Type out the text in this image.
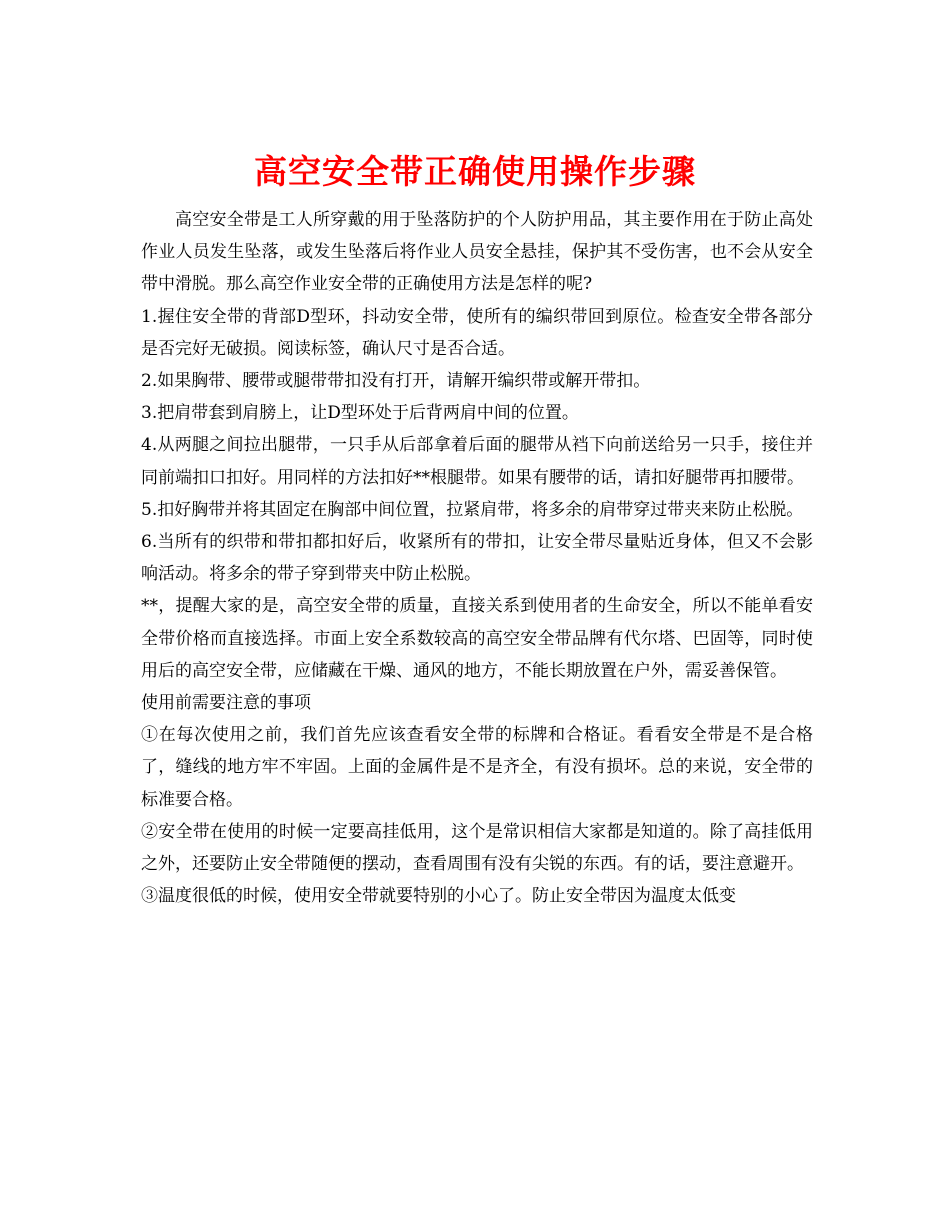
高空安全带正确使用操作步骤

高空安全带是工人所穿戴的用于坠落防护的个人防护用品，其主要作用在于防止高处作业人员发生坠落，或发生坠落后将作业人员安全悬挂，保护其不受伤害，也不会从安全带中滑脱。那么高空作业安全带的正确使用方法是怎样的呢?

1.握住安全带的背部D型环，抖动安全带，使所有的编织带回到原位。检查安全带各部分是否完好无破损。阅读标签，确认尺寸是否合适。

2.如果胸带、腰带或腿带带扣没有打开，请解开编织带或解开带扣。

3.把肩带套到肩膀上，让D型环处于后背两肩中间的位置。

4.从两腿之间拉出腿带，一只手从后部拿着后面的腿带从裆下向前送给另一只手，接住并同前端扣口扣好。用同样的方法扣好**根腿带。如果有腰带的话，请扣好腿带再扣腰带。

5.扣好胸带并将其固定在胸部中间位置，拉紧肩带，将多余的肩带穿过带夹来防止松脱。

6.当所有的织带和带扣都扣好后，收紧所有的带扣，让安全带尽量贴近身体，但又不会影响活动。将多余的带子穿到带夹中防止松脱。

**，提醒大家的是，高空安全带的质量，直接关系到使用者的生命安全，所以不能单看安全带价格而直接选择。市面上安全系数较高的高空安全带品牌有代尔塔、巴固等，同时使用后的高空安全带，应储藏在干燥、通风的地方，不能长期放置在户外，需妥善保管。

使用前需要注意的事项

①在每次使用之前，我们首先应该查看安全带的标牌和合格证。看看安全带是不是合格了，缝线的地方牢不牢固。上面的金属件是不是齐全，有没有损坏。总的来说，安全带的标准要合格。

②安全带在使用的时候一定要高挂低用，这个是常识相信大家都是知道的。除了高挂低用之外，还要防止安全带随便的摆动，查看周围有没有尖锐的东西。有的话，要注意避开。

③温度很低的时候，使用安全带就要特别的小心了。防止安全带因为温度太低变
